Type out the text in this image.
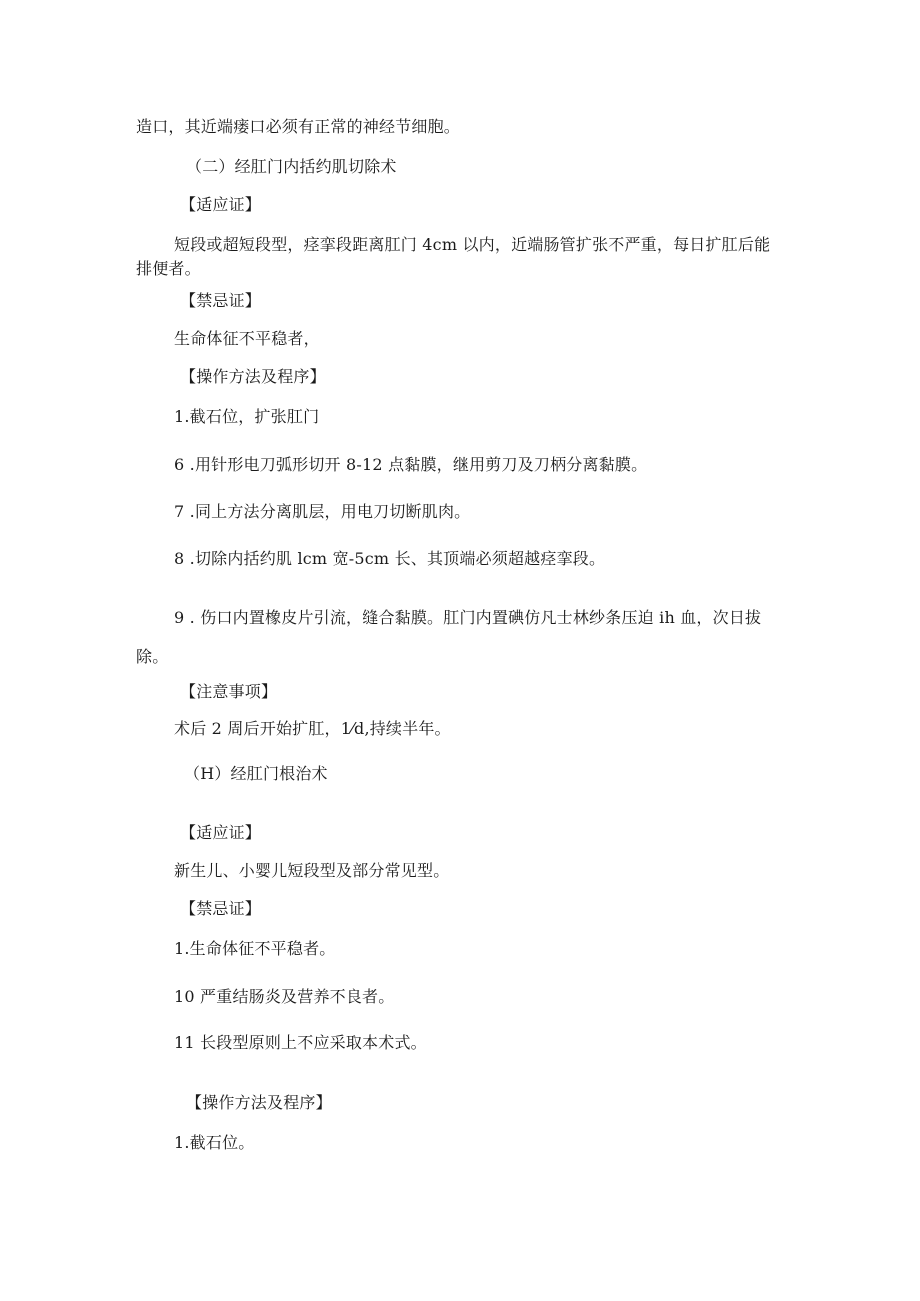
造口，其近端瘘口必须有正常的神经节细胞。
（二）经肛门内括约肌切除术
【适应证】
短段或超短段型，痉挛段距离肛门 4cm 以内，近端肠管扩张不严重，每日扩肛后能
排便者。
【禁忌证】
生命体征不平稳者，
【操作方法及程序】
1.截石位，扩张肛门
6 .用针形电刀弧形切开 8-12 点黏膜，继用剪刀及刀柄分离黏膜。
7 .同上方法分离肌层，用电刀切断肌肉。
8 .切除内括约肌 lcm 宽-5cm 长、其顶端必须超越痉挛段。
9 . 伤口内置橡皮片引流，缝合黏膜。肛门内置碘仿凡士林纱条压迫 ih 血，次日拔
除。
【注意事项】
术后 2 周后开始扩肛，1⁄d,持续半年。
（H）经肛门根治术
【适应证】
新生儿、小婴儿短段型及部分常见型。
【禁忌证】
1.生命体征不平稳者。
10 严重结肠炎及营养不良者。
11 长段型原则上不应采取本术式。
【操作方法及程序】
1.截石位。
